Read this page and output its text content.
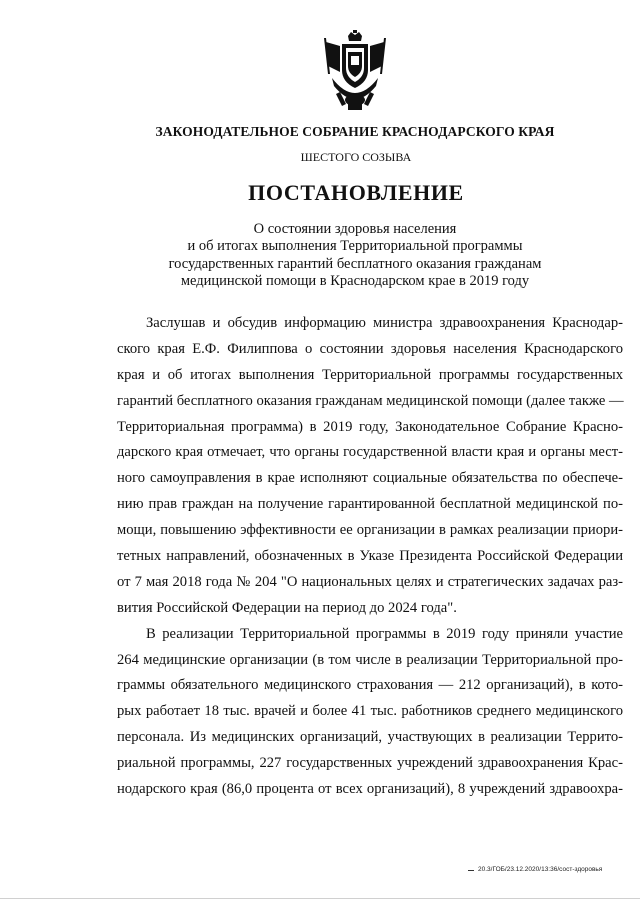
ЗАКОНОДАТЕЛЬНОЕ СОБРАНИЕ КРАСНОДАРСКОГО КРАЯ
ШЕСТОГО СОЗЫВА
ПОСТАНОВЛЕНИЕ
О состоянии здоровья населения
и об итогах выполнения Территориальной программы
государственных гарантий бесплатного оказания гражданам
медицинской помощи в Краснодарском крае в 2019 году
Заслушав и обсудив информацию министра здравоохранения Краснодар-
ского края Е.Ф. Филиппова о состоянии здоровья населения Краснодарского
края и об итогах выполнения Территориальной программы государственных
гарантий бесплатного оказания гражданам медицинской помощи (далее также —
Территориальная программа) в 2019 году, Законодательное Собрание Красно-
дарского края отмечает, что органы государственной власти края и органы мест-
ного самоуправления в крае исполняют социальные обязательства по обеспече-
нию прав граждан на получение гарантированной бесплатной медицинской по-
мощи, повышению эффективности ее организации в рамках реализации приори-
тетных направлений, обозначенных в Указе Президента Российской Федерации
от 7 мая 2018 года № 204 "О национальных целях и стратегических задачах раз-
вития Российской Федерации на период до 2024 года".
В реализации Территориальной программы в 2019 году приняли участие
264 медицинские организации (в том числе в реализации Территориальной про-
граммы обязательного медицинского страхования — 212 организаций), в кото-
рых работает 18 тыс. врачей и более 41 тыс. работников среднего медицинского
персонала. Из медицинских организаций, участвующих в реализации Террито-
риальной программы, 227 государственных учреждений здравоохранения Крас-
нодарского края (86,0 процента от всех организаций), 8 учреждений здравоохра-
20.3/ГОБ/23.12.2020/13:36/сост-здоровья
